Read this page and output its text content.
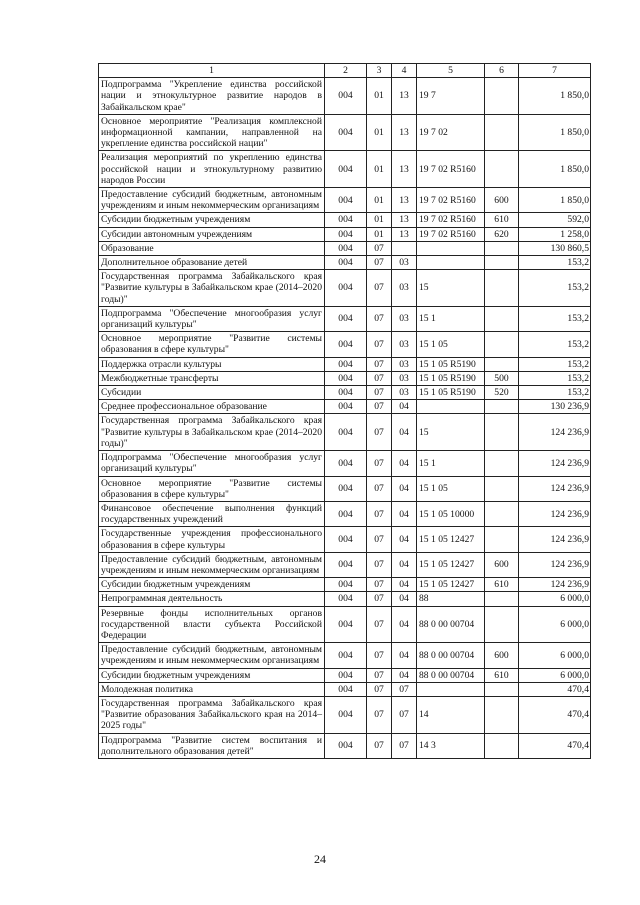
1	2	3	4	5	6	7
Подпрограмма "Укрепление единства российской нации и этнокультурное развитие народов в Забайкальском крае"	004	01	13	19 7		1 850,0
Основное мероприятие "Реализация комплексной информационной кампании, направленной на укрепление единства российской нации"	004	01	13	19 7 02		1 850,0
Реализация мероприятий по укреплению единства российской нации и этнокультурному развитию народов России	004	01	13	19 7 02 R5160		1 850,0
Предоставление субсидий бюджетным, автономным учреждениям и иным некоммерческим организациям	004	01	13	19 7 02 R5160	600	1 850,0
Субсидии бюджетным учреждениям	004	01	13	19 7 02 R5160	610	592,0
Субсидии автономным учреждениям	004	01	13	19 7 02 R5160	620	1 258,0
Образование	004	07				130 860,5
Дополнительное образование детей	004	07	03			153,2
Государственная программа Забайкальского края "Развитие культуры в Забайкальском крае (2014–2020 годы)"	004	07	03	15		153,2
Подпрограмма "Обеспечение многообразия услуг организаций культуры"	004	07	03	15 1		153,2
Основное мероприятие "Развитие системы образования в сфере культуры"	004	07	03	15 1 05		153,2
Поддержка отрасли культуры	004	07	03	15 1 05 R5190		153,2
Межбюджетные трансферты	004	07	03	15 1 05 R5190	500	153,2
Субсидии	004	07	03	15 1 05 R5190	520	153,2
Среднее профессиональное образование	004	07	04			130 236,9
Государственная программа Забайкальского края "Развитие культуры в Забайкальском крае (2014–2020 годы)"	004	07	04	15		124 236,9
Подпрограмма "Обеспечение многообразия услуг организаций культуры"	004	07	04	15 1		124 236,9
Основное мероприятие "Развитие системы образования в сфере культуры"	004	07	04	15 1 05		124 236,9
Финансовое обеспечение выполнения функций государственных учреждений	004	07	04	15 1 05 10000		124 236,9
Государственные учреждения профессионального образования в сфере культуры	004	07	04	15 1 05 12427		124 236,9
Предоставление субсидий бюджетным, автономным учреждениям и иным некоммерческим организациям	004	07	04	15 1 05 12427	600	124 236,9
Субсидии бюджетным учреждениям	004	07	04	15 1 05 12427	610	124 236,9
Непрограммная деятельность	004	07	04	88		6 000,0
Резервные фонды исполнительных органов государственной власти субъекта Российской Федерации	004	07	04	88 0 00 00704		6 000,0
Предоставление субсидий бюджетным, автономным учреждениям и иным некоммерческим организациям	004	07	04	88 0 00 00704	600	6 000,0
Субсидии бюджетным учреждениям	004	07	04	88 0 00 00704	610	6 000,0
Молодежная политика	004	07	07			470,4
Государственная программа Забайкальского края "Развитие образования Забайкальского края на 2014–2025 годы"	004	07	07	14		470,4
Подпрограмма "Развитие систем воспитания и дополнительного образования детей"	004	07	07	14 3		470,4
24
